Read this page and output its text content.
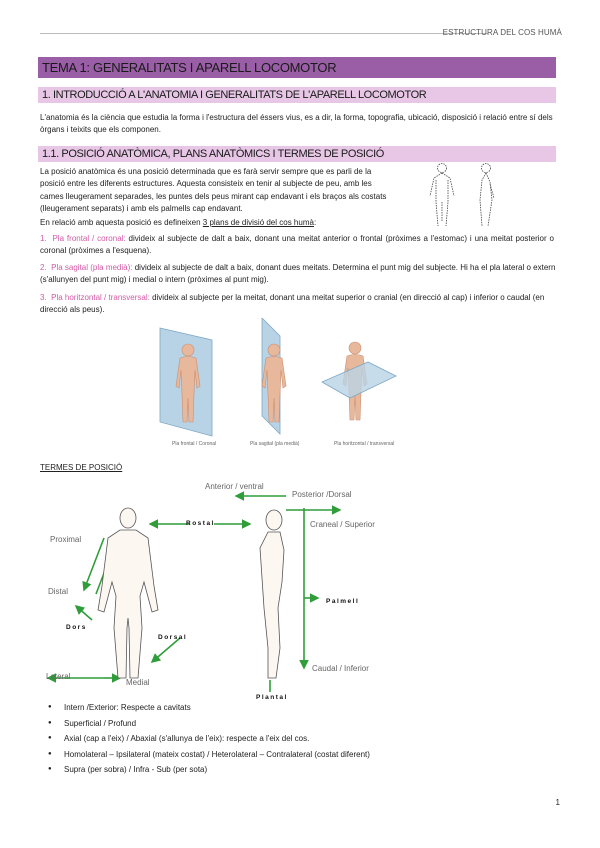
ESTRUCTURA DEL COS HUMÀ
TEMA 1: GENERALITATS I APARELL LOCOMOTOR
1. INTRODUCCIÓ A L'ANATOMIA I GENERALITATS DE L'APARELL LOCOMOTOR
L'anatomia és la ciència que estudia la forma i l'estructura del éssers vius, es a dir, la forma, topografia, ubicació, disposició i relació entre sí dels òrgans i teixits que els componen.
1.1. POSICIÓ ANATÒMICA, PLANS ANATÒMICS I TERMES DE POSICIÓ
La posició anatòmica és una posició determinada que es farà servir sempre que es parli de la posició entre les diferents estructures. Aquesta consisteix en tenir al subjecte de peu, amb les cames lleugerament separades, les puntes dels peus mirant cap endavant i els braços als costats (lleugerament separats) i amb els palmells cap endavant.
En relació amb aquesta posició es defineixen 3 plans de divisió del cos humà:
1. Pla frontal / coronal: divideix al subjecte de dalt a baix, donant una meitat anterior o frontal (pròximes a l'estomac) i una meitat posterior o coronal (pròximes a l'esquena).
2. Pla sagital (pla medià): divideix al subjecte de dalt a baix, donant dues meitats. Determina el punt mig del subjecte. Hi ha el pla lateral o extern (s'allunyen del punt mig) i medial o intern (pròximes al punt mig).
3. Pla horitzontal / transversal: divideix al subjecte per la meitat, donant una meitat superior o cranial (en direcció al cap) i inferior o caudal (en direcció als peus).
Pla frontal / Coronal	Pla sagital (pla medià)	Pla horitzontal / transversal
TERMES DE POSICIÓ
Anterior / ventral
Posterior /Dorsal
Rostal	Craneal / Superior
Proximal
Distal
Palmell
Dors
Dorsal
Caudal / Inferior
Lateral
Medial
Plantal
● Intern /Exterior: Respecte a cavitats
● Superficial / Profund
● Axial (cap a l'eix) / Abaxial (s'allunya de l'eix): respecte a l'eix del cos.
● Homolateral – Ipsilateral (mateix costat) / Heterolateral – Contralateral (costat diferent)
● Supra (per sobra) / Infra - Sub (per sota)
1
